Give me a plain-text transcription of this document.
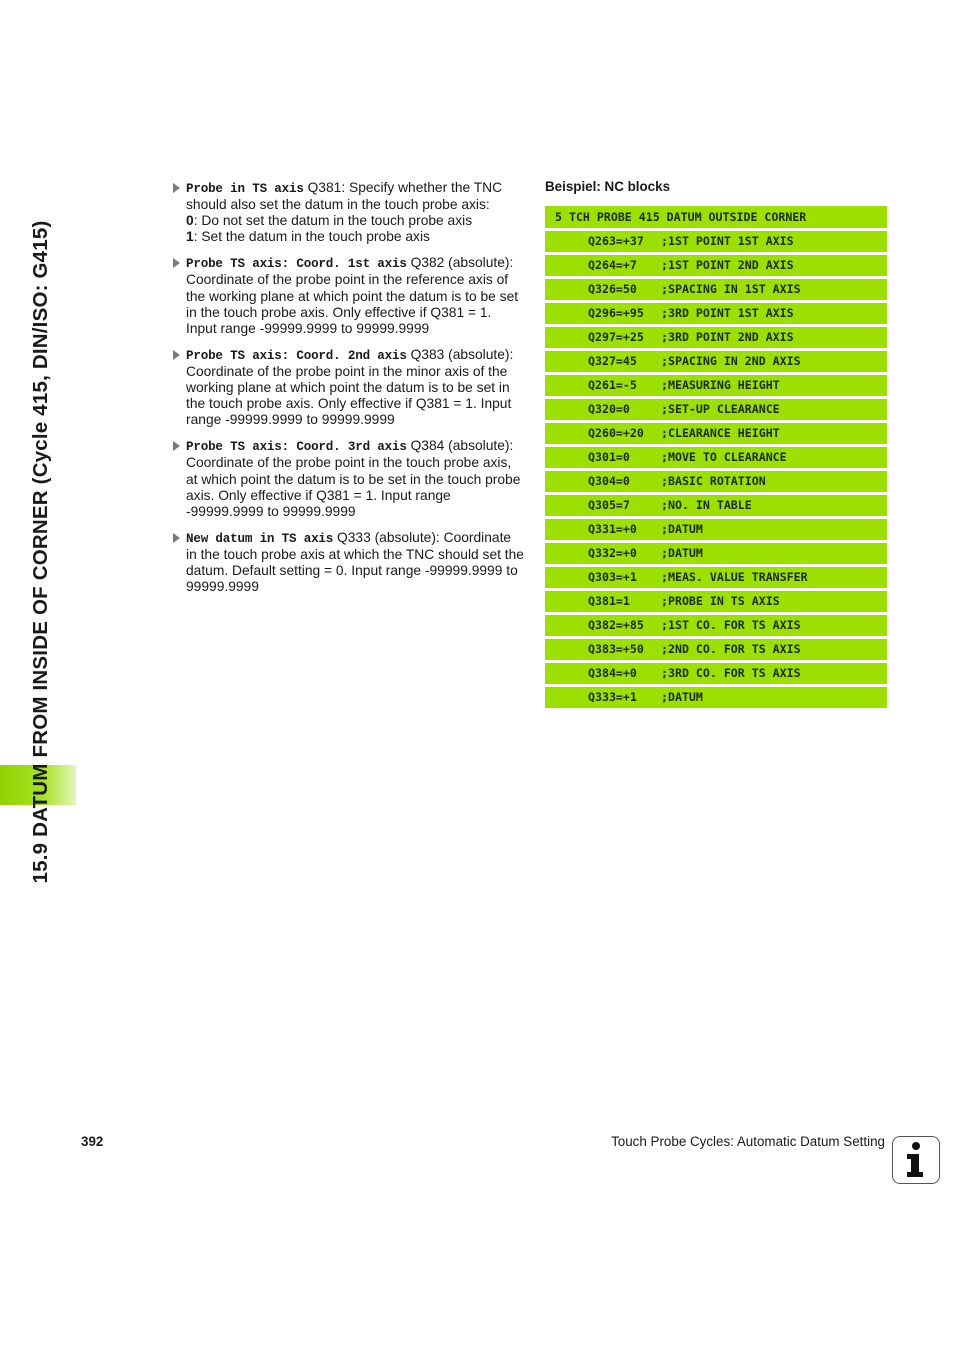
15.9 DATUM FROM INSIDE OF CORNER (Cycle 415, DIN/ISO: G415)
Probe in TS axis Q381: Specify whether the TNC should also set the datum in the touch probe axis:
0: Do not set the datum in the touch probe axis
1: Set the datum in the touch probe axis
Probe TS axis: Coord. 1st axis Q382 (absolute): Coordinate of the probe point in the reference axis of the working plane at which point the datum is to be set in the touch probe axis. Only effective if Q381 = 1. Input range -99999.9999 to 99999.9999
Probe TS axis: Coord. 2nd axis Q383 (absolute): Coordinate of the probe point in the minor axis of the working plane at which point the datum is to be set in the touch probe axis. Only effective if Q381 = 1. Input range -99999.9999 to 99999.9999
Probe TS axis: Coord. 3rd axis Q384 (absolute): Coordinate of the probe point in the touch probe axis, at which point the datum is to be set in the touch probe axis. Only effective if Q381 = 1. Input range -99999.9999 to 99999.9999
New datum in TS axis Q333 (absolute): Coordinate in the touch probe axis at which the TNC should set the datum. Default setting = 0. Input range -99999.9999 to 99999.9999
Beispiel: NC blocks
5 TCH PROBE 415 DATUM OUTSIDE CORNER
Q263=+37 ;1ST POINT 1ST AXIS
Q264=+7 ;1ST POINT 2ND AXIS
Q326=50 ;SPACING IN 1ST AXIS
Q296=+95 ;3RD POINT 1ST AXIS
Q297=+25 ;3RD POINT 2ND AXIS
Q327=45 ;SPACING IN 2ND AXIS
Q261=-5 ;MEASURING HEIGHT
Q320=0	;SET-UP CLEARANCE
Q260=+20 ;CLEARANCE HEIGHT
Q301=0	;MOVE TO CLEARANCE
Q304=0	;BASIC ROTATION
Q305=7	;NO. IN TABLE
Q331=+0 ;DATUM
Q332=+0 ;DATUM
Q303=+1 ;MEAS. VALUE TRANSFER
Q381=1	;PROBE IN TS AXIS
Q382=+85 ;1ST CO. FOR TS AXIS
Q383=+50 ;2ND CO. FOR TS AXIS
Q384=+0 ;3RD CO. FOR TS AXIS
Q333=+1 ;DATUM
392	Touch Probe Cycles: Automatic Datum Setting
